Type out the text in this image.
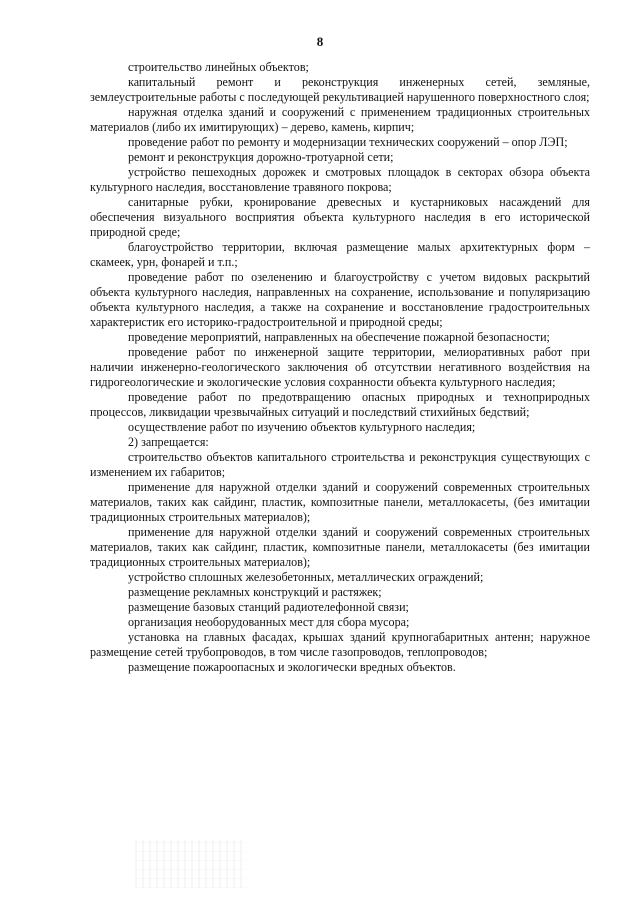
8

строительство линейных объектов;

капитальный ремонт и реконструкция инженерных сетей, земляные, землеустроительные работы с последующей рекультивацией нарушенного поверхностного слоя;

наружная отделка зданий и сооружений с применением традиционных строительных материалов (либо их имитирующих) – дерево, камень, кирпич;

проведение работ по ремонту и модернизации технических сооружений – опор ЛЭП;

ремонт и реконструкция дорожно-тротуарной сети;

устройство пешеходных дорожек и смотровых площадок в секторах обзора объекта культурного наследия, восстановление травяного покрова;

санитарные рубки, кронирование древесных и кустарниковых насаждений для обеспечения визуального восприятия объекта культурного наследия в его исторической природной среде;

благоустройство территории, включая размещение малых архитектурных форм – скамеек, урн, фонарей и т.п.;

проведение работ по озеленению и благоустройству с учетом видовых раскрытий объекта культурного наследия, направленных на сохранение, использование и популяризацию объекта культурного наследия, а также на сохранение и восстановление градостроительных характеристик его историко-градостроительной и природной среды;

проведение мероприятий, направленных на обеспечение пожарной безопасности;

проведение работ по инженерной защите территории, мелиоративных работ при наличии инженерно-геологического заключения об отсутствии негативного воздействия на гидрогеологические и экологические условия сохранности объекта культурного наследия;

проведение работ по предотвращению опасных природных и техноприродных процессов, ликвидации чрезвычайных ситуаций и последствий стихийных бедствий;

осуществление работ по изучению объектов культурного наследия;

2) запрещается:

строительство объектов капитального строительства и реконструкция существующих с изменением их габаритов;

применение для наружной отделки зданий и сооружений современных строительных материалов, таких как сайдинг, пластик, композитные панели, металлокасеты, (без имитации традиционных строительных материалов);

применение для наружной отделки зданий и сооружений современных строительных материалов, таких как сайдинг, пластик, композитные панели, металлокасеты (без имитации традиционных строительных материалов);

устройство сплошных железобетонных, металлических ограждений;

размещение рекламных конструкций и растяжек;

размещение базовых станций радиотелефонной связи;

организация необорудованных мест для сбора мусора;

установка на главных фасадах, крышах зданий крупногабаритных антенн; наружное размещение сетей трубопроводов, в том числе газопроводов, теплопроводов;

размещение пожароопасных и экологически вредных объектов.
